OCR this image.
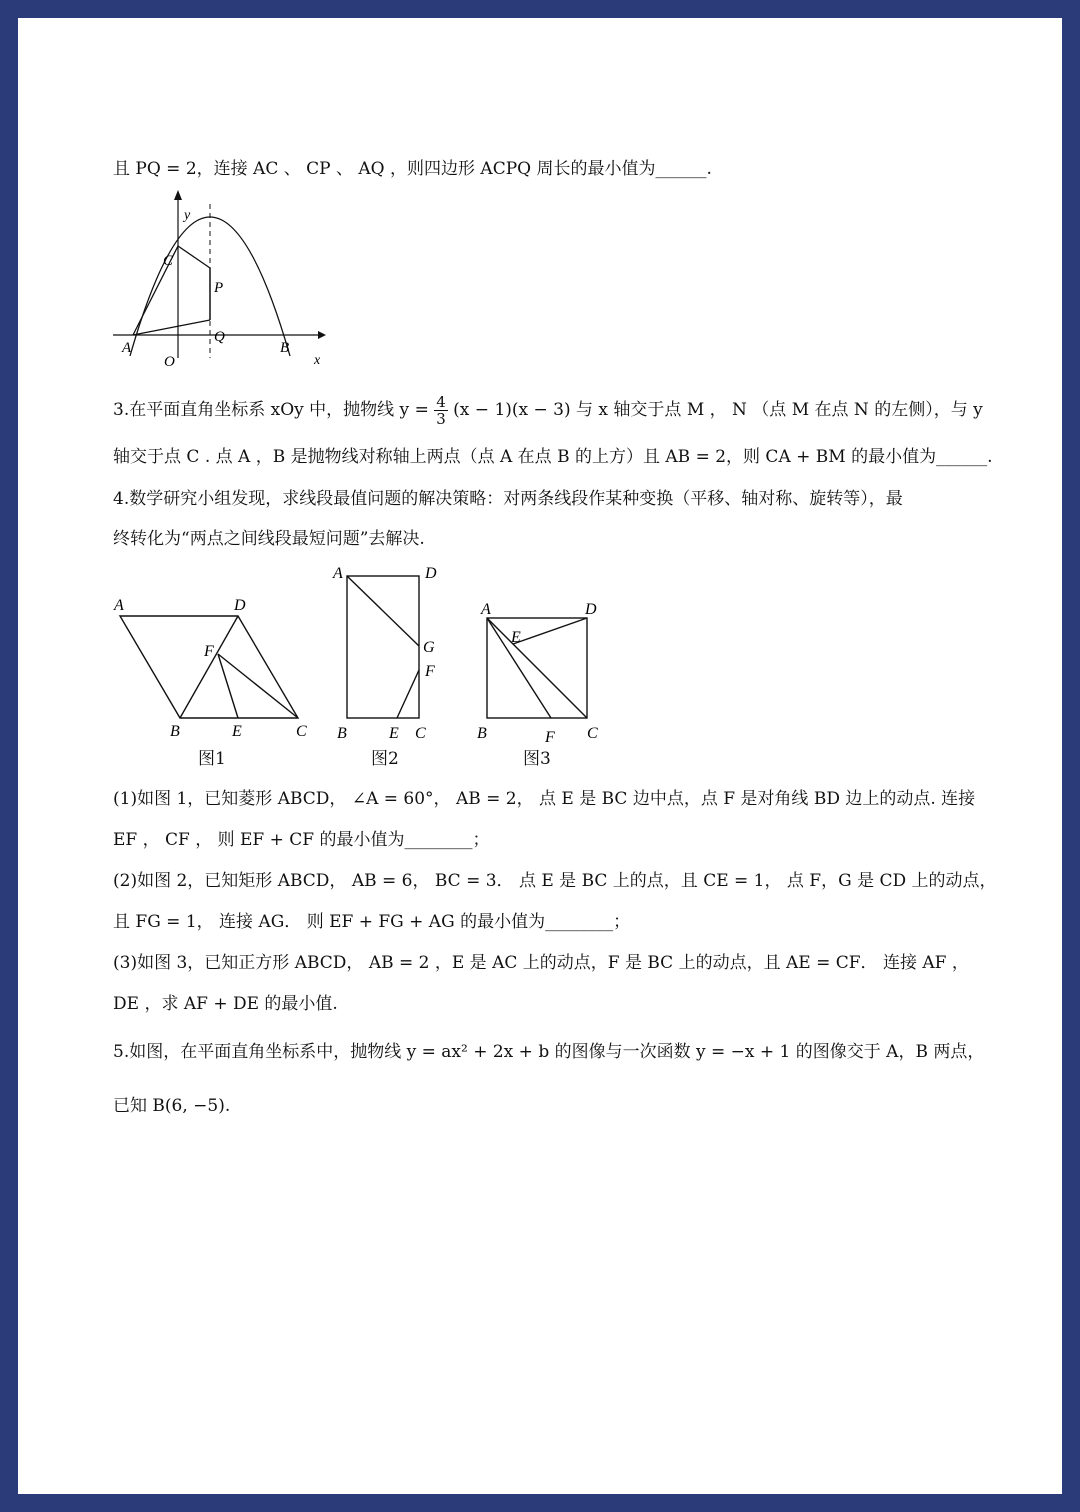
且 PQ = 2，连接 AC 、 CP 、 AQ ，则四边形 ACPQ 周长的最小值为______.
y
C
P
Q
A
O
B
x
3.在平面直角坐标系 xOy 中，抛物线 $y = \frac{4}{3} (x - 1)(x - 3)$ 与 x 轴交于点 M ， N （点 M 在点 N 的左侧），与 y
轴交于点 C . 点 A ，B 是抛物线对称轴上两点（点 A 在点 B 的上方）且 AB = 2，则 CA + BM 的最小值为______.
4.数学研究小组发现，求线段最值问题的解决策略：对两条线段作某种变换（平移、轴对称、旋转等），最
终转化为“两点之间线段最短问题”去解决.
A	D
F
B	E	C
图1
A	D
G
F
B	E C
图2
A	D
E
B	F C
图3
(1)如图 1，已知菱形 ABCD， ∠A = 60°， AB = 2， 点 E 是 BC 边中点，点 F 是对角线 BD 边上的动点. 连接
EF ， CF ， 则 EF + CF 的最小值为________；
(2)如图 2，已知矩形 ABCD， AB = 6， BC = 3． 点 E 是 BC 上的点，且 CE = 1， 点 F，G 是 CD 上的动点，
且 FG = 1， 连接 AG． 则 EF + FG + AG 的最小值为________；
(3)如图 3，已知正方形 ABCD， AB = 2 ，E 是 AC 上的动点，F 是 BC 上的动点，且 AE = CF． 连接 AF ，
DE ，求 AF + DE 的最小值.
5.如图，在平面直角坐标系中，抛物线 y = ax² + 2x + b 的图像与一次函数 y = −x + 1 的图像交于 A，B 两点，
已知 B(6, −5).
